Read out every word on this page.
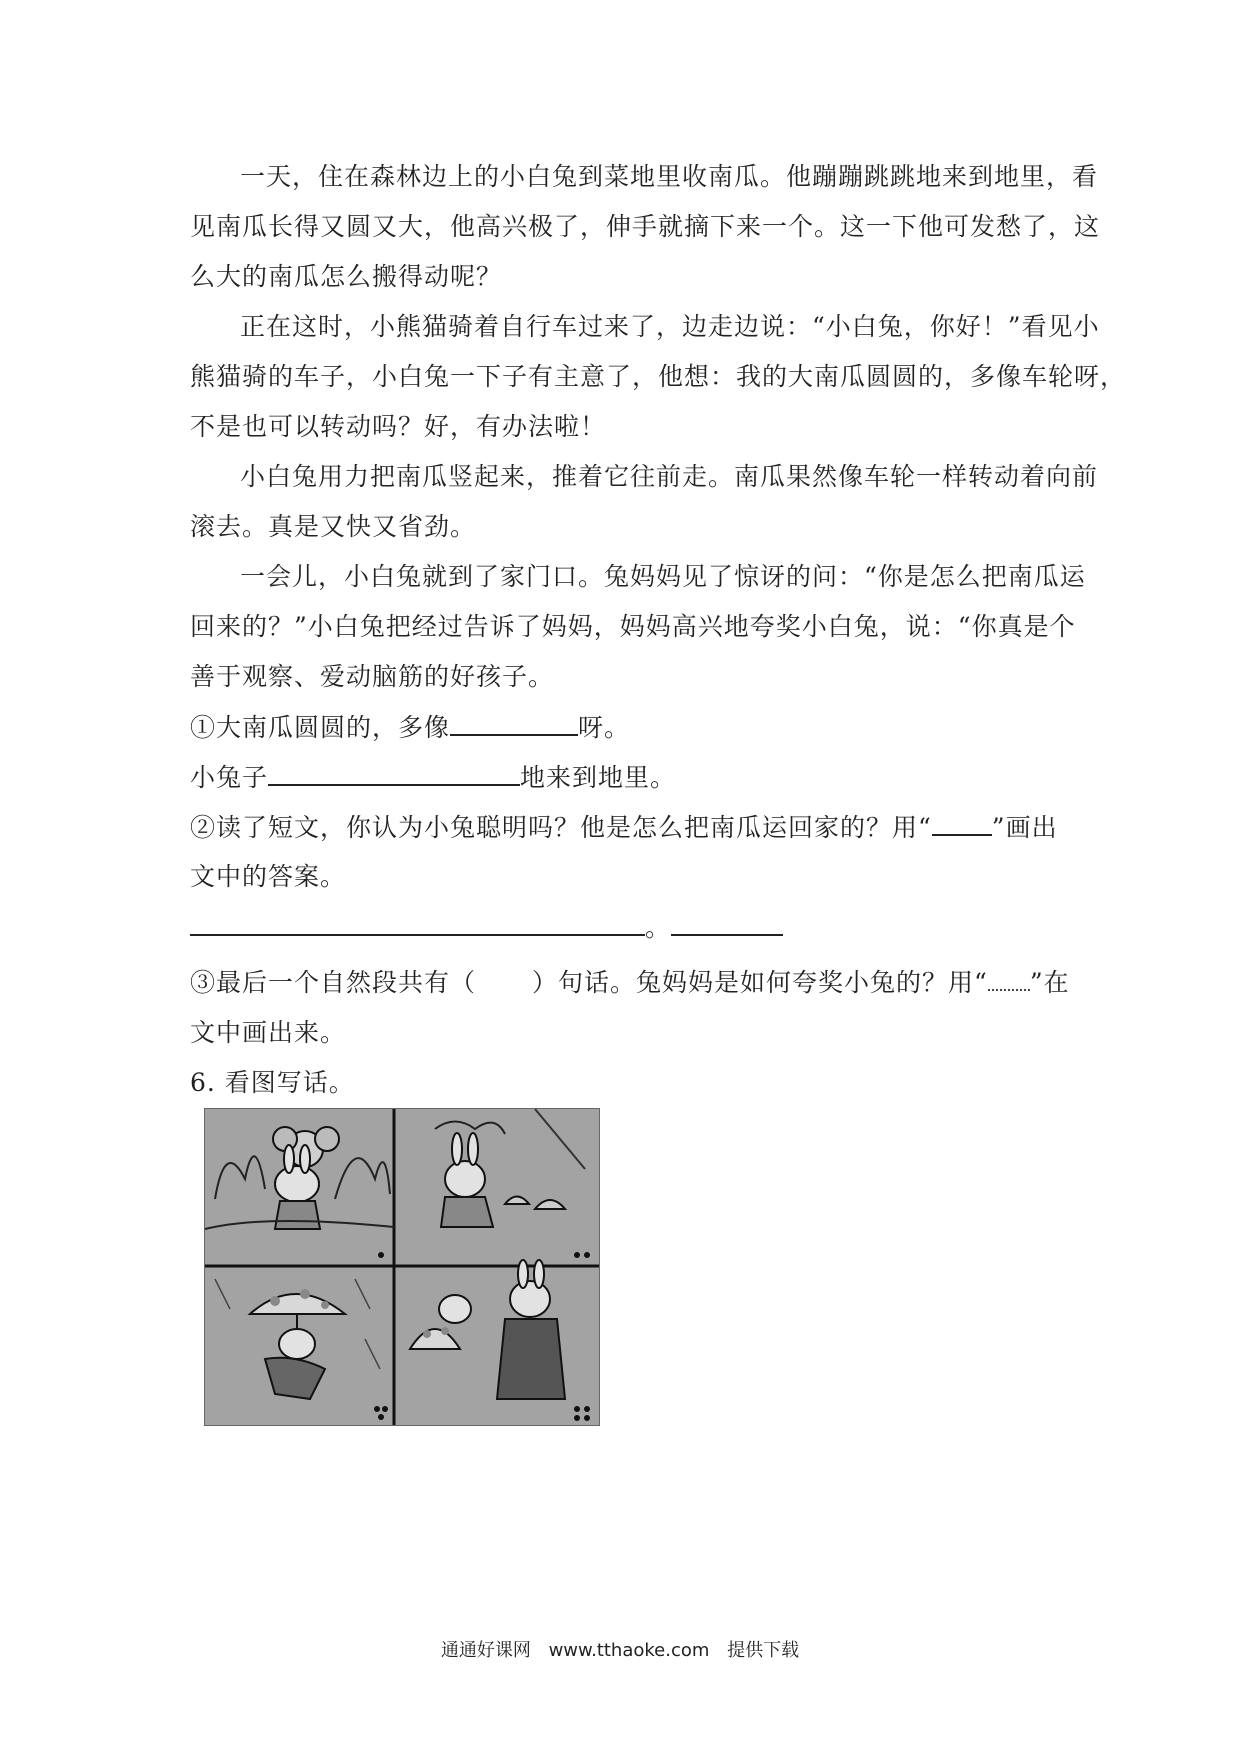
一天，住在森林边上的小白兔到菜地里收南瓜。他蹦蹦跳跳地来到地里，看
见南瓜长得又圆又大，他高兴极了，伸手就摘下来一个。这一下他可发愁了，这
么大的南瓜怎么搬得动呢？
正在这时，小熊猫骑着自行车过来了，边走边说：“小白兔，你好！”看见小
熊猫骑的车子，小白兔一下子有主意了，他想：我的大南瓜圆圆的，多像车轮呀，
不是也可以转动吗？好，有办法啦！
小白兔用力把南瓜竖起来，推着它往前走。南瓜果然像车轮一样转动着向前
滚去。真是又快又省劲。
一会儿，小白兔就到了家门口。兔妈妈见了惊讶的问：“你是怎么把南瓜运
回来的？”小白兔把经过告诉了妈妈，妈妈高兴地夸奖小白兔，说：“你真是个
善于观察、爱动脑筋的好孩子。
①大南瓜圆圆的，多像	呀。
小兔子	地来到地里。
②读了短文，你认为小兔聪明吗？他是怎么把南瓜运回家的？用“ ”画出
文中的答案。
。
③最后一个自然段共有（ ）句话。兔妈妈是如何夸奖小兔的？用“ ”在
文中画出来。
6. 看图写话。
通通好课网 www.tthaoke.com 提供下载
